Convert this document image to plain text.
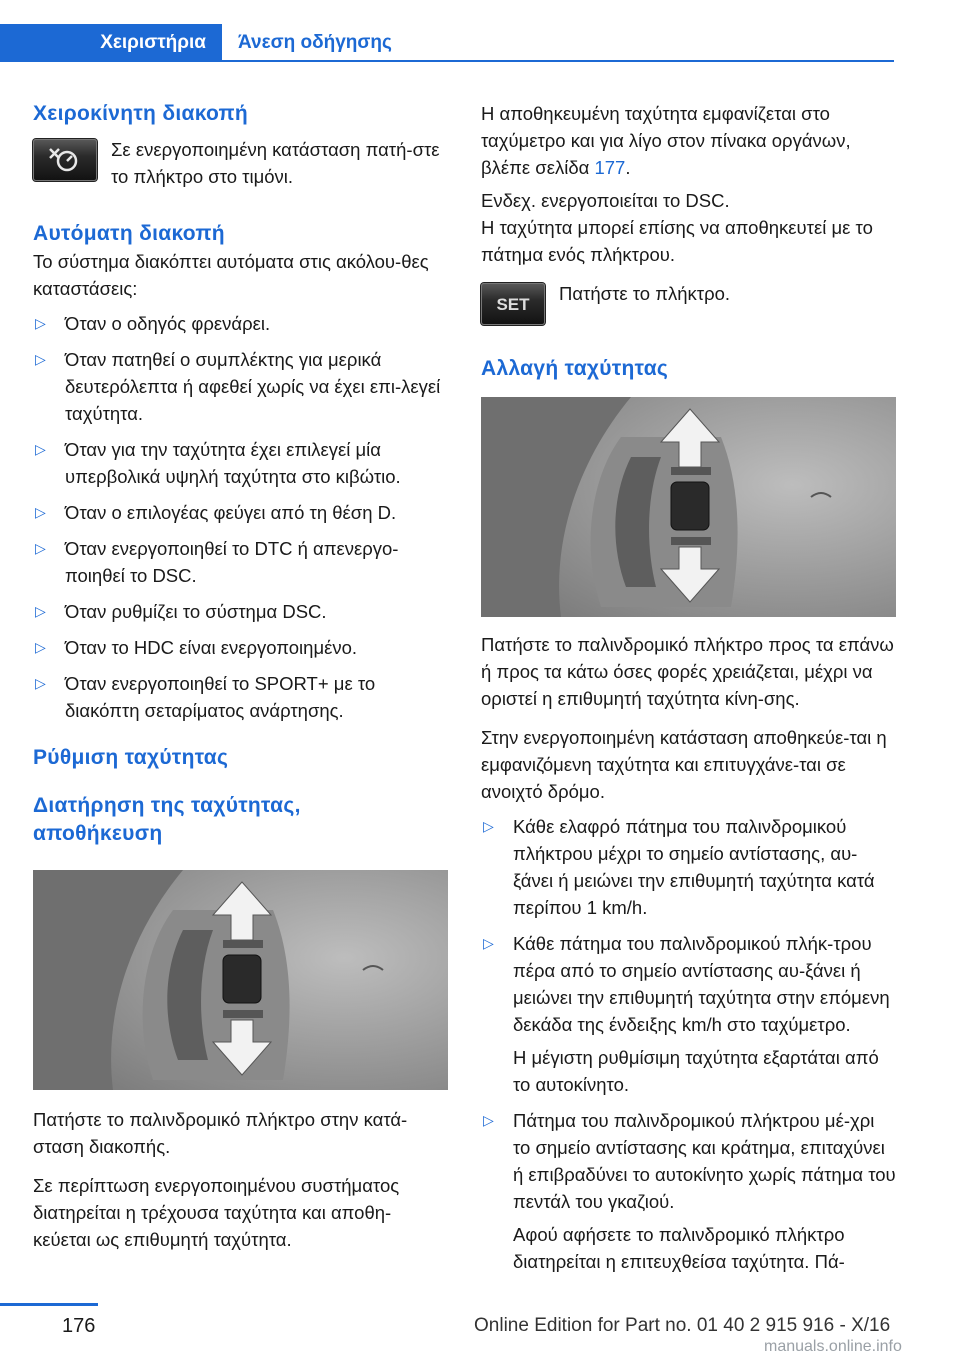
Χειριστήρια	Άνεση οδήγησης
Χειροκίνητη διακοπή

Σε ενεργοποιημένη κατάσταση πατή-στε το πλήκτρο στο τιμόνι.

Αυτόματη διακοπή

Το σύστημα διακόπτει αυτόματα στις ακόλου-θες καταστάσεις:

▷ Όταν ο οδηγός φρενάρει.
▷ Όταν πατηθεί ο συμπλέκτης για μερικά δευτερόλεπτα ή αφεθεί χωρίς να έχει επι-λεγεί ταχύτητα.
▷ Όταν για την ταχύτητα έχει επιλεγεί μία υπερβολικά υψηλή ταχύτητα στο κιβώτιο.
▷ Όταν ο επιλογέας φεύγει από τη θέση D.
▷ Όταν ενεργοποιηθεί το DTC ή απενεργο-ποιηθεί το DSC.
▷ Όταν ρυθμίζει το σύστημα DSC.
▷ Όταν το HDC είναι ενεργοποιημένο.
▷ Όταν ενεργοποιηθεί το SPORT+ με το διακόπτη σεταρίματος ανάρτησης.
Ρύθμιση ταχύτητας
Διατήρηση της ταχύτητας, αποθήκευση

Πατήστε το παλινδρομικό πλήκτρο στην κατά-σταση διακοπής.

Σε περίπτωση ενεργοποιημένου συστήματος διατηρείται η τρέχουσα ταχύτητα και αποθη-κεύεται ως επιθυμητή ταχύτητα.

Η αποθηκευμένη ταχύτητα εμφανίζεται στο ταχύμετρο και για λίγο στον πίνακα οργάνων, βλέπε σελίδα 177.

Ενδεχ. ενεργοποιείται το DSC.

Η ταχύτητα μπορεί επίσης να αποθηκευτεί με το πάτημα ενός πλήκτρου.

SET	Πατήστε το πλήκτρο.

Αλλαγή ταχύτητας

Πατήστε το παλινδρομικό πλήκτρο προς τα επάνω ή προς τα κάτω όσες φορές χρειάζεται, μέχρι να οριστεί η επιθυμητή ταχύτητα κίνη-σης.

Στην ενεργοποιημένη κατάσταση αποθηκεύε-ται η εμφανιζόμενη ταχύτητα και επιτυγχάνε-ται σε ανοιχτό δρόμο.

▷ Κάθε ελαφρό πάτημα του παλινδρομικού πλήκτρου μέχρι το σημείο αντίστασης, αυ-ξάνει ή μειώνει την επιθυμητή ταχύτητα κατά περίπου 1 km/h.
▷ Κάθε πάτημα του παλινδρομικού πλήκ-τρου πέρα από το σημείο αντίστασης αυ-ξάνει ή μειώνει την επιθυμητή ταχύτητα στην επόμενη δεκάδα της ένδειξης km/h στο ταχύμετρο.

Η μέγιστη ρυθμίσιμη ταχύτητα εξαρτάται από το αυτοκίνητο.

▷ Πάτημα του παλινδρομικού πλήκτρου μέ-χρι το σημείο αντίστασης και κράτημα, επιταχύνει ή επιβραδύνει το αυτοκίνητο χωρίς πάτημα του πεντάλ του γκαζιού.

Αφού αφήσετε το παλινδρομικό πλήκτρο διατηρείται η επιτευχθείσα ταχύτητα. Πά-

176	Online Edition for Part no. 01 40 2 915 916 - X/16
manuals.online.info
